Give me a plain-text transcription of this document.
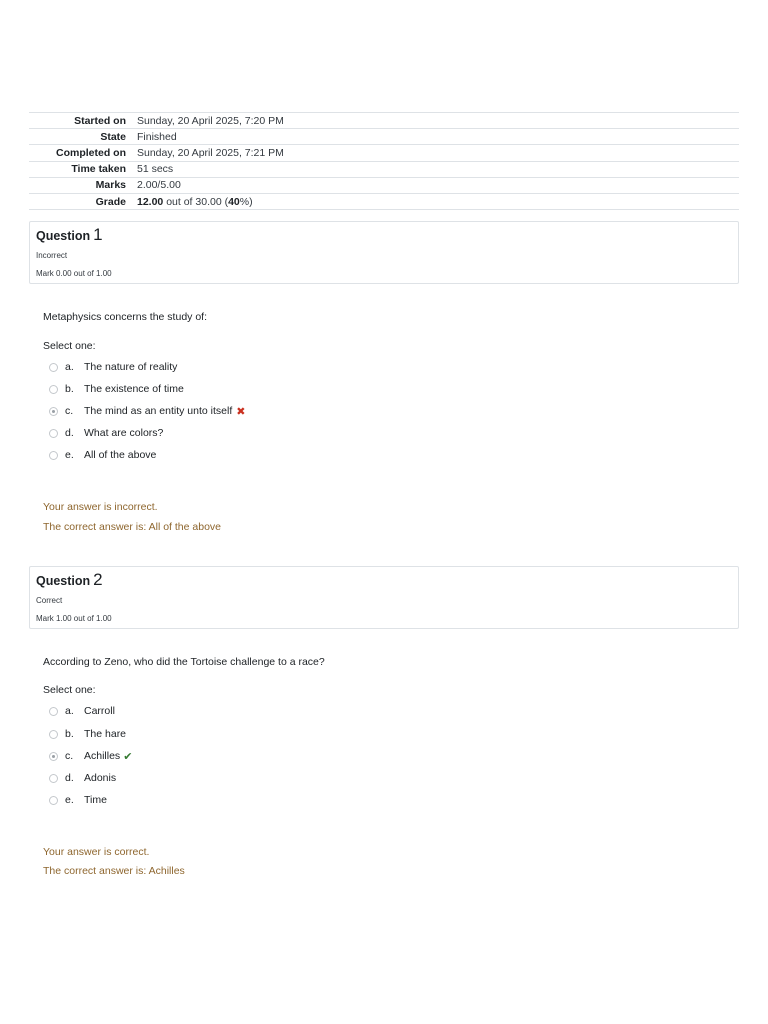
Started on	Sunday, 20 April 2025, 7:20 PM
State	Finished
Completed on	Sunday, 20 April 2025, 7:21 PM
Time taken	51 secs
Marks	2.00/5.00
Grade	12.00 out of 30.00 (40%)
Question 1
Incorrect
Mark 0.00 out of 1.00
Metaphysics concerns the study of:
Select one:
a. The nature of reality
b. The existence of time
c.	The mind as an entity unto itself ✖
d. What are colors?
e. All of the above
Your answer is incorrect.
The correct answer is: All of the above
Question 2
Correct
Mark 1.00 out of 1.00
According to Zeno, who did the Tortoise challenge to a race?
Select one:
a. Carroll
b. The hare
c.	Achilles ✔
d. Adonis
e. Time
Your answer is correct.
The correct answer is: Achilles
